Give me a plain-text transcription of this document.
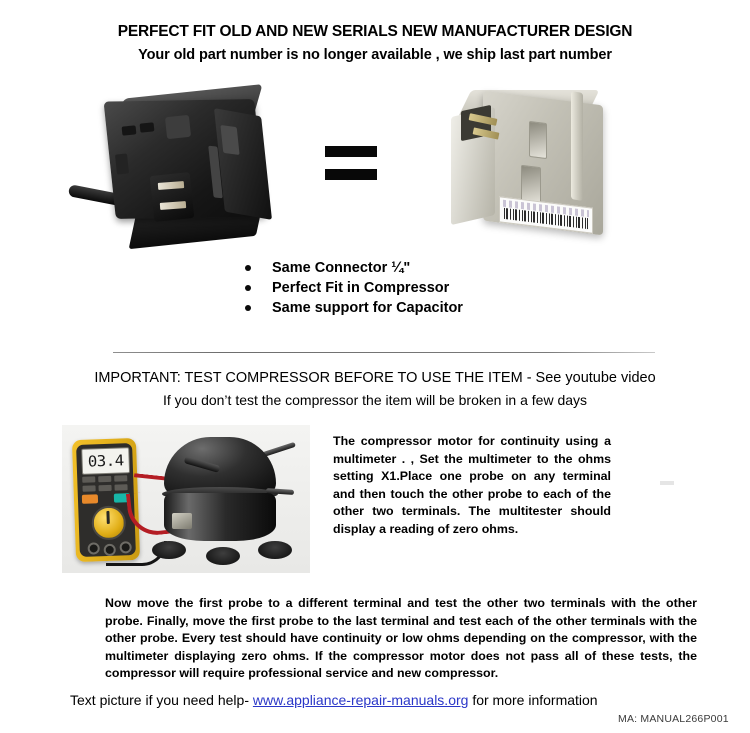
PERFECT FIT OLD AND NEW SERIALS NEW MANUFACTURER DESIGN
Your old part number is no longer available , we ship last part number
Same Connector ¼"
Perfect Fit in Compressor
Same support for Capacitor
IMPORTANT: TEST COMPRESSOR BEFORE TO USE THE ITEM - See youtube video
If you don’t test the compressor the item will be broken in a few days
03.4
The compressor motor for continuity using a multimeter . , Set the multimeter to the ohms setting X1.Place one probe on any terminal and then touch the other probe to each of the other two terminals. The multitester should display a reading of zero ohms.
Now move the first probe to a different terminal and test the other two terminals with the other probe. Finally, move the first probe to the last terminal and test each of the other terminals with the other probe. Every test should have continuity or low ohms depending on the compressor, with the multimeter displaying zero ohms. If the compressor motor does not pass all of these tests, the compressor will require professional service and new compressor.
Text picture if you need help- www.appliance-repair-manuals.org for more information
MA: MANUAL266P001
